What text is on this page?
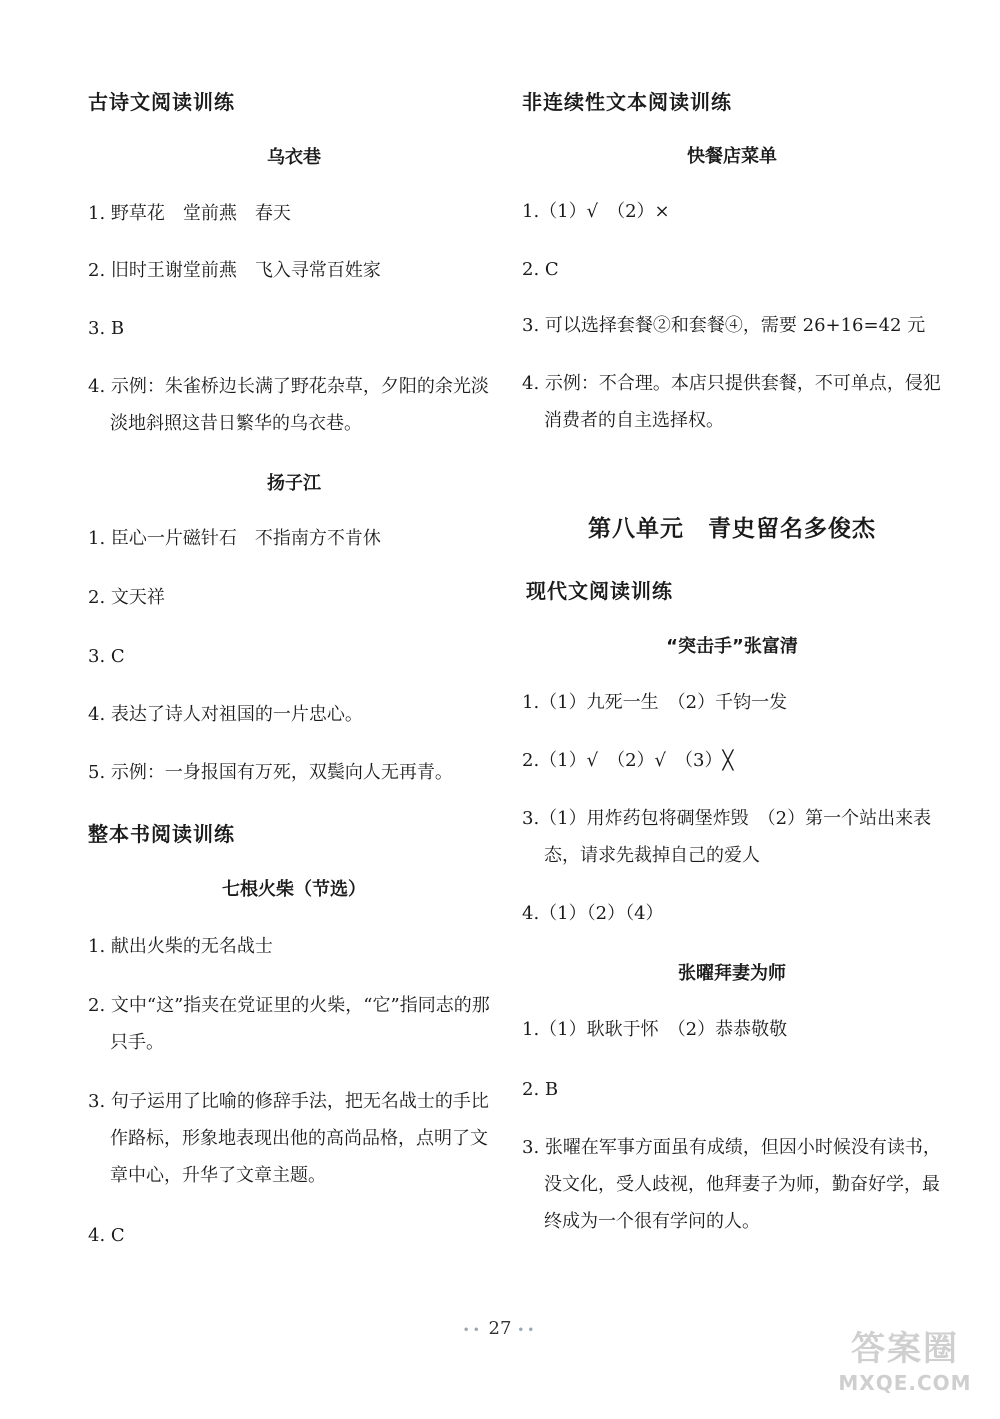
古诗文阅读训练
乌衣巷

1. 野草花　堂前燕　春天

2. 旧时王谢堂前燕　飞入寻常百姓家

3. B

4. 示例：朱雀桥边长满了野花杂草，夕阳的余光淡淡地斜照这昔日繁华的乌衣巷。

扬子江

1. 臣心一片磁针石　不指南方不肯休

2. 文天祥

3. C

4. 表达了诗人对祖国的一片忠心。

5. 示例：一身报国有万死，双鬓向人无再青。

整本书阅读训练
七根火柴（节选）

1. 献出火柴的无名战士

2. 文中“这”指夹在党证里的火柴，“它”指同志的那只手。

3. 句子运用了比喻的修辞手法，把无名战士的手比作路标，形象地表现出他的高尚品格，点明了文章中心，升华了文章主题。

4. C

非连续性文本阅读训练
快餐店菜单

1.（1）√　（2）×

2. C

3. 可以选择套餐②和套餐④，需要 26+16=42 元

4. 示例：不合理。本店只提供套餐，不可单点，侵犯消费者的自主选择权。

第八单元　青史留名多俊杰
现代文阅读训练
“突击手”张富清

1.（1）九死一生　（2）千钧一发

2.（1）√　（2）√　（3）╳

3.（1）用炸药包将碉堡炸毁　（2）第一个站出来表态，请求先裁掉自己的爱人

4.（1）（2）（4）

张曜拜妻为师

1.（1）耿耿于怀　（2）恭恭敬敬

2. B

3. 张曜在军事方面虽有成绩，但因小时候没有读书，没文化，受人歧视，他拜妻子为师，勤奋好学，最终成为一个很有学问的人。

•• 27 ••	答案圈
MXQE.COM
